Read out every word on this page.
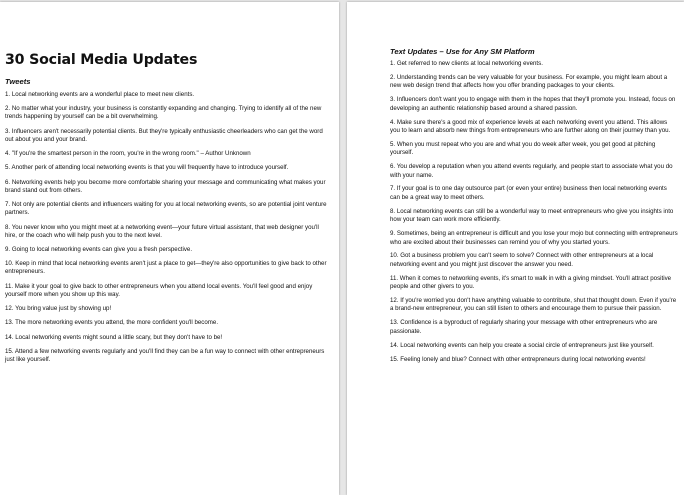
30 Social Media Updates
Tweets
1. Local networking events are a wonderful place to meet new clients.
2. No matter what your industry, your business is constantly expanding and changing. Trying to identify all of the new trends happening by yourself can be a bit overwhelming.
3. Influencers aren't necessarily potential clients. But they're typically enthusiastic cheerleaders who can get the word out about you and your brand.
4. "If you're the smartest person in the room, you're in the wrong room." – Author Unknown
5. Another perk of attending local networking events is that you will frequently have to introduce yourself.
6. Networking events help you become more comfortable sharing your message and communicating what makes your brand stand out from others.
7. Not only are potential clients and influencers waiting for you at local networking events, so are potential joint venture partners.
8. You never know who you might meet at a networking event—your future virtual assistant, that web designer you'll hire, or the coach who will help push you to the next level.
9. Going to local networking events can give you a fresh perspective.
10. Keep in mind that local networking events aren't just a place to get—they're also opportunities to give back to other entrepreneurs.
11. Make it your goal to give back to other entrepreneurs when you attend local events. You'll feel good and enjoy yourself more when you show up this way.
12. You bring value just by showing up!
13. The more networking events you attend, the more confident you'll become.
14. Local networking events might sound a little scary, but they don't have to be!
15. Attend a few networking events regularly and you'll find they can be a fun way to connect with other entrepreneurs just like yourself.
Text Updates – Use for Any SM Platform
1. Get referred to new clients at local networking events.
2. Understanding trends can be very valuable for your business. For example, you might learn about a new web design trend that affects how you offer branding packages to your clients.
3. Influencers don't want you to engage with them in the hopes that they'll promote you. Instead, focus on developing an authentic relationship based around a shared passion.
4. Make sure there's a good mix of experience levels at each networking event you attend. This allows you to learn and absorb new things from entrepreneurs who are further along on their journey than you.
5. When you must repeat who you are and what you do week after week, you get good at pitching yourself.
6. You develop a reputation when you attend events regularly, and people start to associate what you do with your name.
7. If your goal is to one day outsource part (or even your entire) business then local networking events can be a great way to meet others.
8. Local networking events can still be a wonderful way to meet entrepreneurs who give you insights into how your team can work more efficiently.
9. Sometimes, being an entrepreneur is difficult and you lose your mojo but connecting with entrepreneurs who are excited about their businesses can remind you of why you started yours.
10. Got a business problem you can't seem to solve? Connect with other entrepreneurs at a local networking event and you might just discover the answer you need.
11. When it comes to networking events, it's smart to walk in with a giving mindset. You'll attract positive people and other givers to you.
12. If you're worried you don't have anything valuable to contribute, shut that thought down. Even if you're a brand-new entrepreneur, you can still listen to others and encourage them to pursue their passion.
13. Confidence is a byproduct of regularly sharing your message with other entrepreneurs who are passionate.
14. Local networking events can help you create a social circle of entrepreneurs just like yourself.
15. Feeling lonely and blue? Connect with other entrepreneurs during local networking events!
